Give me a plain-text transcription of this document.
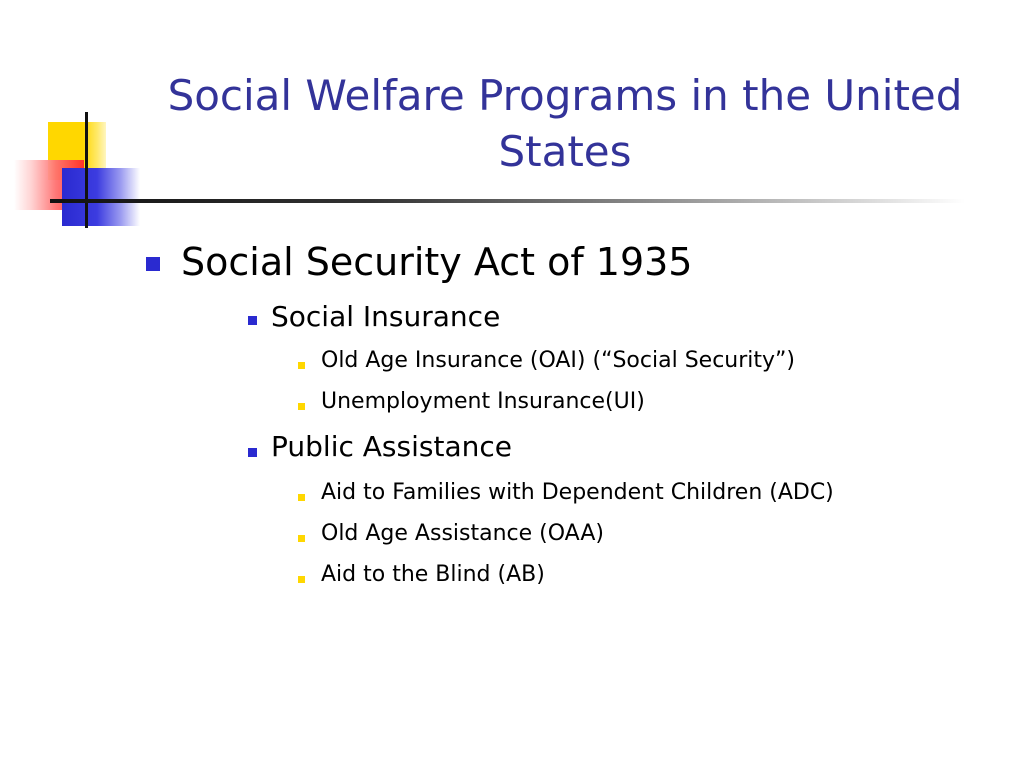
Social Welfare Programs in the United States
Social Security Act of 1935
Social Insurance
Old Age Insurance (OAI) (“Social Security”)
Unemployment Insurance(UI)
Public Assistance
Aid to Families with Dependent Children (ADC)
Old Age Assistance (OAA)
Aid to the Blind (AB)
